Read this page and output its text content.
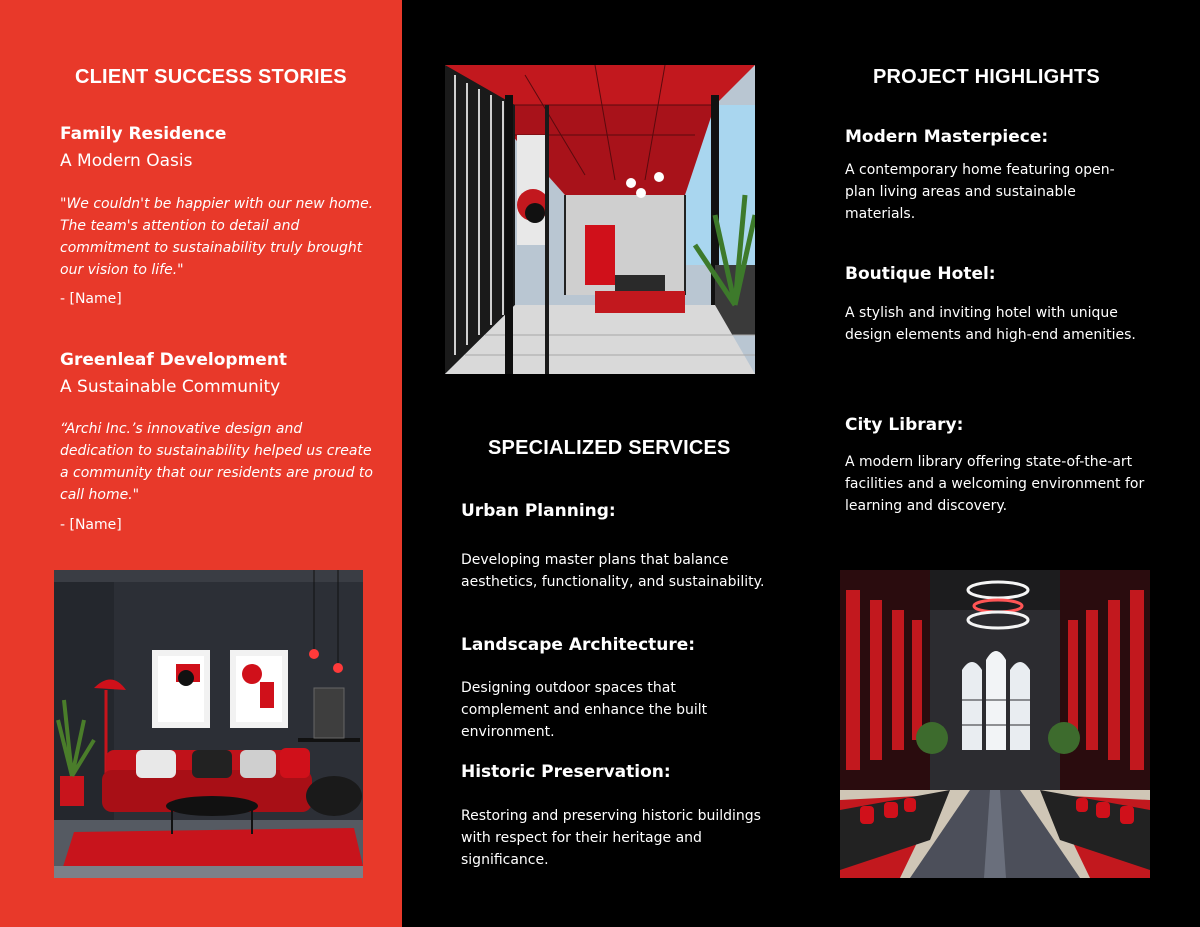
CLIENT SUCCESS STORIES
Family Residence
A Modern Oasis
"We couldn't be happier with our new home. The team's attention to detail and commitment to sustainability truly brought our vision to life."
- [Name]
Greenleaf Development
A Sustainable Community
“Archi Inc.’s innovative design and dedication to sustainability helped us create a community that our residents are proud to call home."
- [Name]
SPECIALIZED SERVICES
Urban Planning:
Developing master plans that balance aesthetics, functionality, and sustainability.
Landscape Architecture:
Designing outdoor spaces that complement and enhance the built environment.
Historic Preservation:
Restoring and preserving historic buildings with respect for their heritage and significance.
PROJECT HIGHLIGHTS
Modern Masterpiece:
A contemporary home featuring open-plan living areas and sustainable materials.
Boutique Hotel:
A stylish and inviting hotel with unique design elements and high-end amenities.
City Library:
A modern library offering state-of-the-art facilities and a welcoming environment for learning and discovery.
